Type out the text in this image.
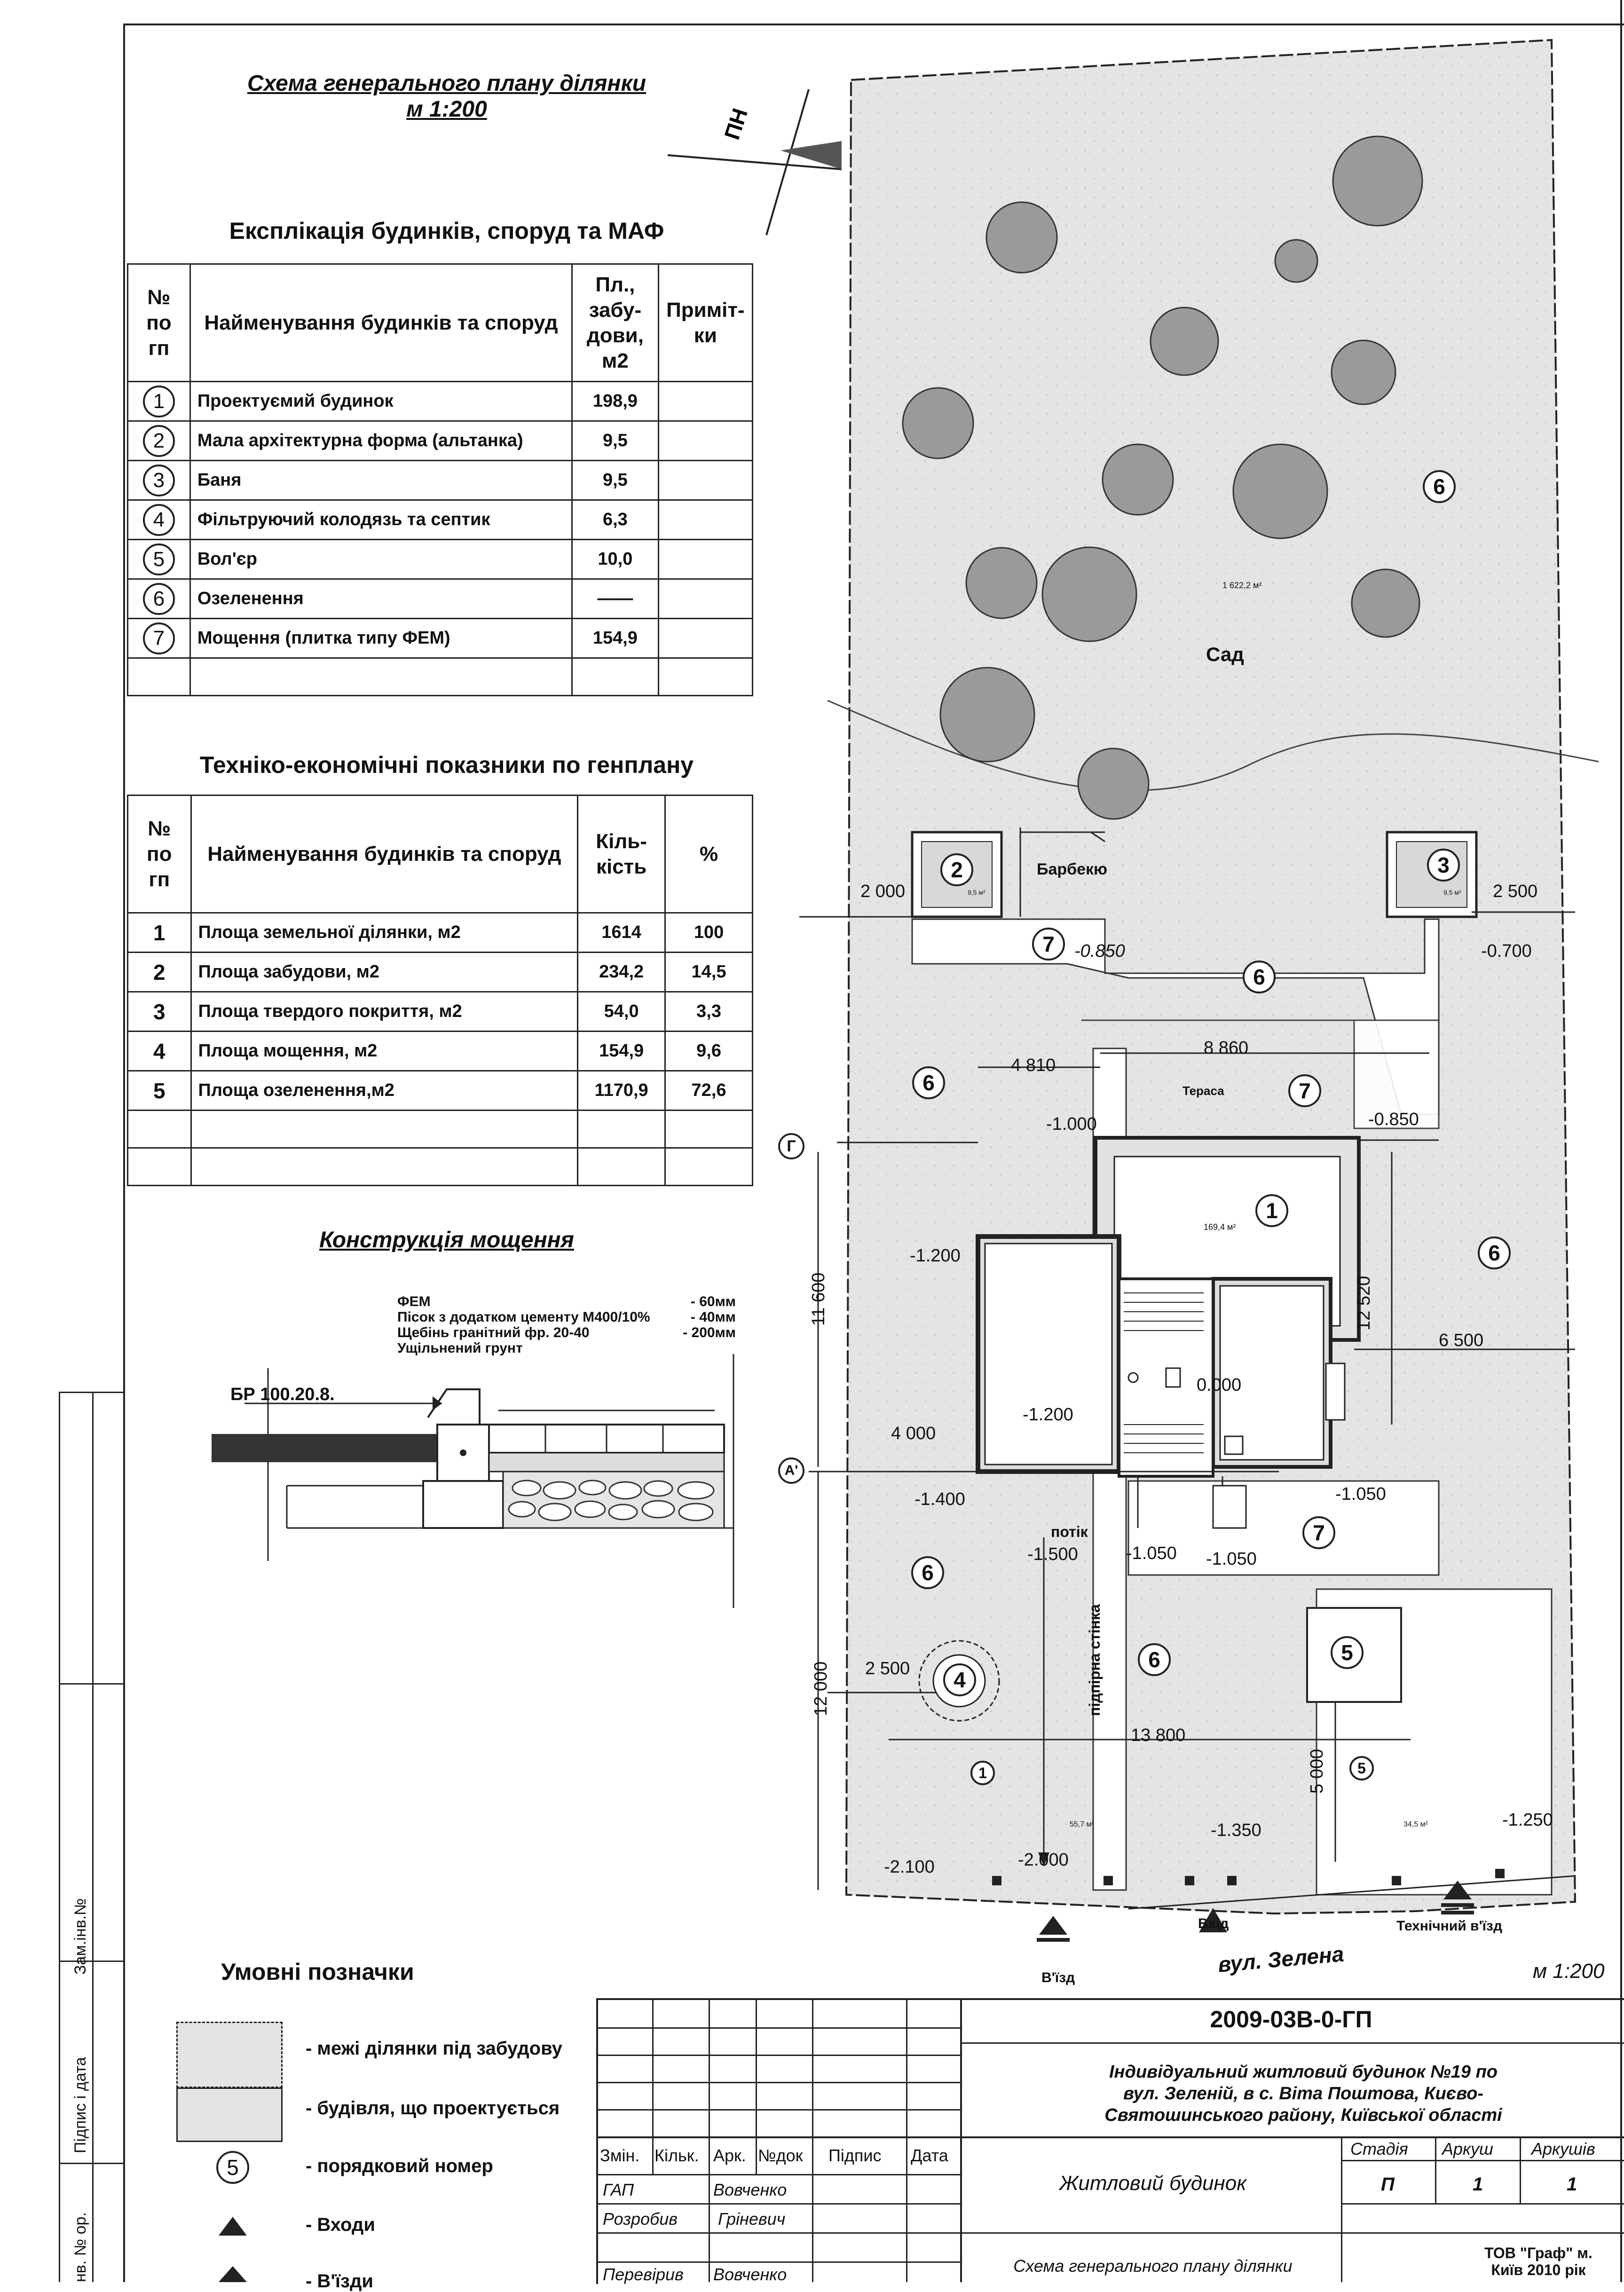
Зам.інв.№
Підпис і дата
нв. № ор.
Схема генерального плану ділянки
м 1:200	ПН
Експлікація будинків, споруд та МАФ
№ по гп	Найменування будинків та споруд	Пл., забу-дови, м2	Приміт-ки
1	Проектуємий будинок	198,9	
2	Мала архітектурна форма (альтанка)	9,5	
3	Баня	9,5	
4	Фільтруючий колодязь та септик	6,3	
5	Вол'єр	10,0	
6	Озеленення	——	
7	Мощення (плитка типу ФЕМ)	154,9	

Техніко-економічні показники по генплану
№ по гп	Найменування будинків та споруд	Кіль-кість	%
1	Площа земельної ділянки, м2	1614	100
2	Площа забудови, м2	234,2	14,5
3	Площа твердого покриття, м2	54,0	3,3
4	Площа мощення, м2	154,9	9,6
5	Площа озеленення,м2	1170,9	72,6

Конструкція мощення
ФЕМ	- 60мм
Пісок з додатком цементу М400/10%	- 40мм
Щебінь гранітний фр. 20-40	- 200мм
Ущільнений грунт
БР 100.20.8.
Сад
1 622,2 м²
Барбекю
Тераса
169,4 м²
підпірна стінка
потік
55,7 м²	34,5 м²
9,5 м²	9,5 м²
вул. Зелена
Вхід
В'їзд
Технічний в'їзд
м 1:200
Г
А'
2 000	2 500
4 810
8 860
11 600	12 520
6 500
4 000
12 000 2 500
13 800
5 000
-0.850	-0.700
-1.000	-0.850
-1.200
0.000
-1.200
-1.400	-1.050
-1.500	-1.050 -1.050
-1.350
-2.000
-2.100
-1.250
1
2	3
4
5
5
1
6
6
6
6
6
6
7
7
7
Умовні позначки
- межі ділянки під забудову
- будівля, що проектується
5	- порядковий номер
- Входи
- В'їзди
Змін. Кільк. Арк. №док Підпис Дата
ГАП	Вовченко
Розробив Гріневич
Перевірив Вовченко
2009-03В-0-ГП
Індивідуальний житловий будинок №19 по вул. Зеленій, в с. Віта Поштова, Києво-Святошинського району, Київської області
Стадія Аркуш Аркушів
П	1	1
Житловий будинок
Схема генерального плану ділянки
ТОВ "Граф" м. Київ 2010 рік
